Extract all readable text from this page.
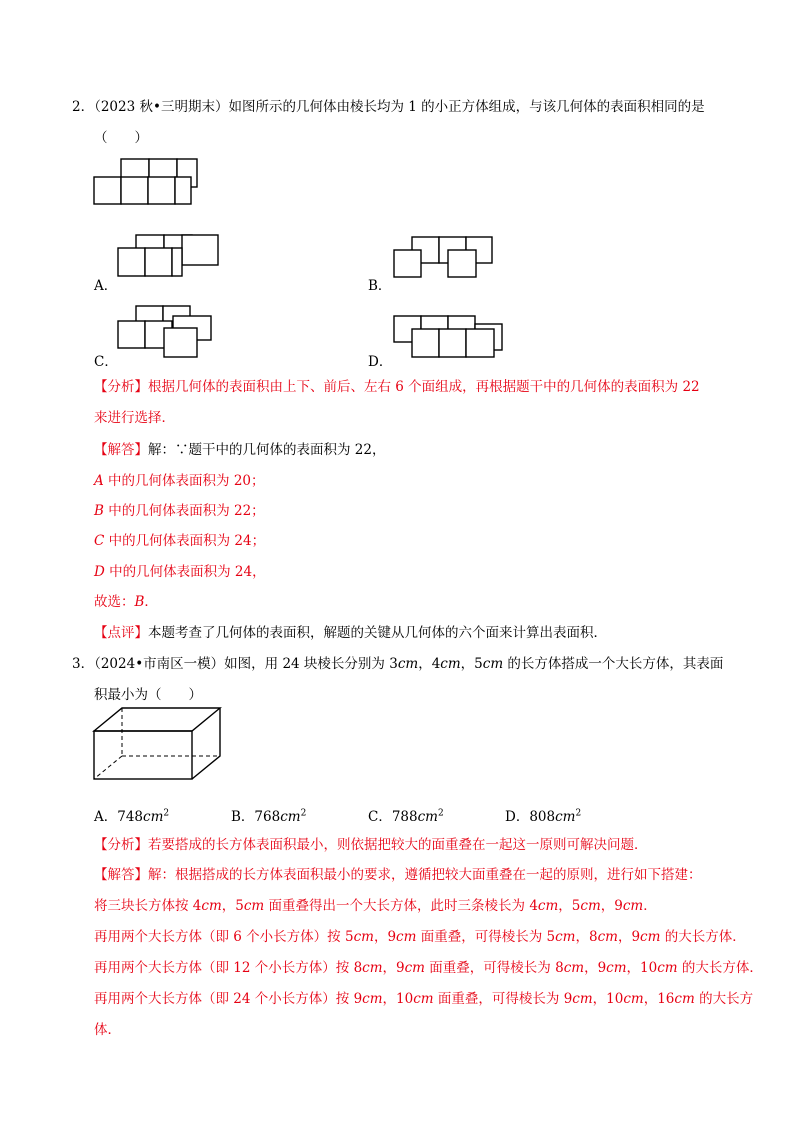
2．（2023 秋•三明期末）如图所示的几何体由棱长均为 1 的小正方体组成，与该几何体的表面积相同的是
（　　）
A．	B．
C．	D．
【分析】根据几何体的表面积由上下、前后、左右 6 个面组成，再根据题干中的几何体的表面积为 22
来进行选择．
【解答】解：∵题干中的几何体的表面积为 22，
A 中的几何体表面积为 20；
B 中的几何体表面积为 22；
C 中的几何体表面积为 24；
D 中的几何体表面积为 24，
故选：B．
【点评】本题考查了几何体的表面积，解题的关键从几何体的六个面来计算出表面积．
3．（2024•市南区一模）如图，用 24 块棱长分别为 3cm，4cm，5cm 的长方体搭成一个大长方体，其表面
积最小为（　　）
A．$748cm^2$	B．$768cm^2$	C．$788cm^2$	D．$808cm^2$
【分析】若要搭成的长方体表面积最小，则依据把较大的面重叠在一起这一原则可解决问题．
【解答】解：根据搭成的长方体表面积最小的要求，遵循把较大面重叠在一起的原则，进行如下搭建：
将三块长方体按 4cm，5cm 面重叠得出一个大长方体，此时三条棱长为 4cm，5cm，9cm．
再用两个大长方体（即 6 个小长方体）按 5cm，9cm 面重叠，可得棱长为 5cm，8cm，9cm 的大长方体．
再用两个大长方体（即 12 个小长方体）按 8cm，9cm 面重叠，可得棱长为 8cm，9cm，10cm 的大长方体．
再用两个大长方体（即 24 个小长方体）按 9cm，10cm 面重叠，可得棱长为 9cm，10cm，16cm 的大长方
体．
